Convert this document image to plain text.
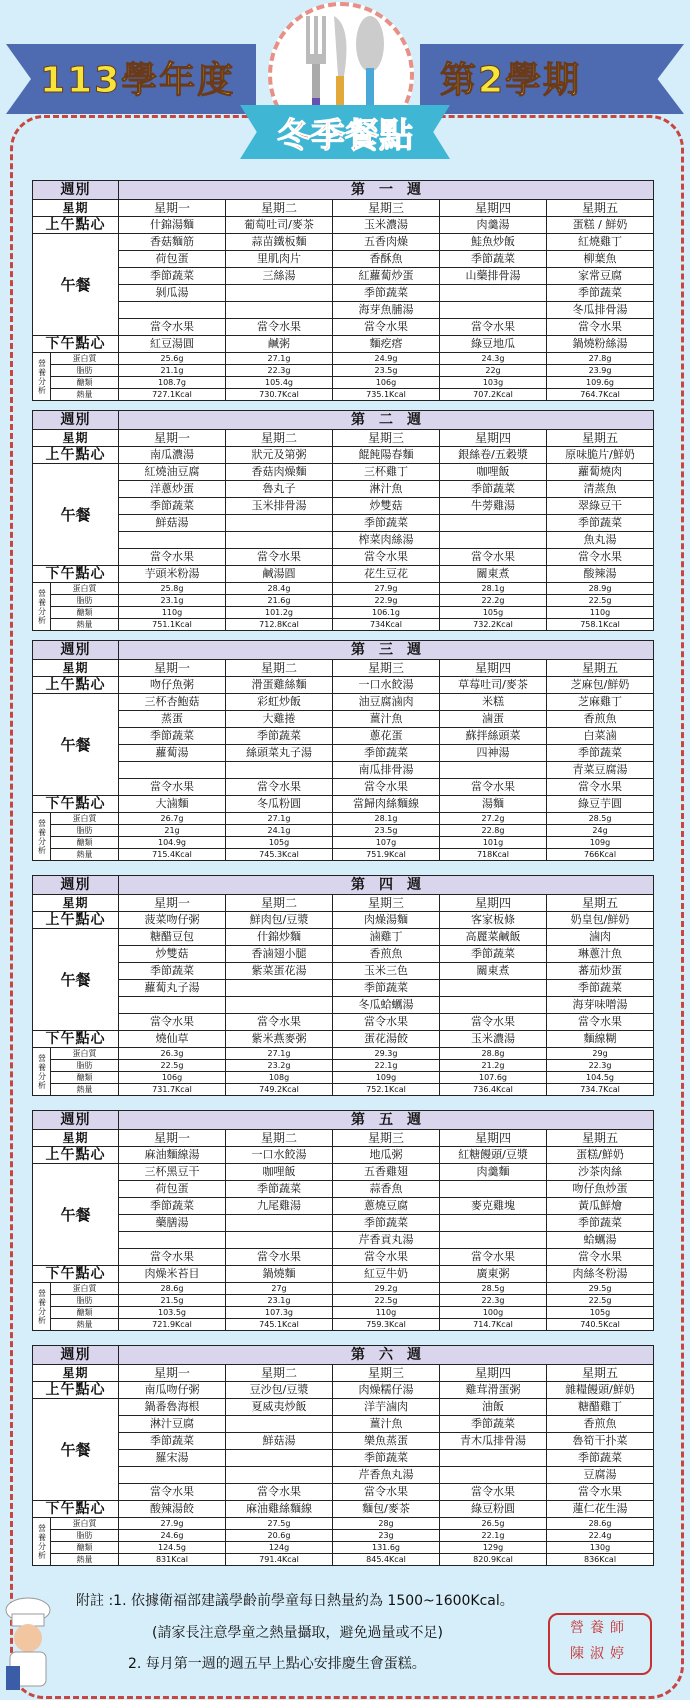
113學年度	第2學期
冬季餐點
週別		第　一　週				
星期		星期一	星期二	星期三	星期四	星期五
上午點心		什錦湯麵	葡萄吐司/麥茶	玉米濃湯	肉羹湯	蛋糕 / 鮮奶
午餐		香菇麵筋	蒜苗鐵板麵	五香肉燥	鮭魚炒飯	紅燒雞丁
		荷包蛋	里肌肉片	香酥魚	季節蔬菜	柳葉魚
		季節蔬菜	三絲湯	紅蘿蔔炒蛋	山藥排骨湯	家常豆腐
		剝瓜湯		季節蔬菜		季節蔬菜
				海芽魚脯湯		冬瓜排骨湯
		當令水果	當令水果	當令水果	當令水果	當令水果
下午點心		紅豆湯圓	鹹粥	麵疙瘩	綠豆地瓜	鍋燒粉絲湯
營養分析	蛋白質	25.6g	27.1g	24.9g	24.3g	27.8g
	脂肪	21.1g	22.3g	23.5g	22g	23.9g
	醣類	108.7g	105.4g	106g	103g	109.6g
	熱量	727.1Kcal	730.7Kcal	735.1Kcal	707.2Kcal	764.7Kcal
週別		第　二　週				
星期		星期一	星期二	星期三	星期四	星期五
上午點心		南瓜濃湯	狀元及第粥	餛飩陽春麵	銀絲卷/五穀漿	原味脆片/鮮奶
午餐		紅燒油豆腐	香菇肉燥麵	三杯雞丁	咖哩飯	蘿蔔燒肉
		洋蔥炒蛋	魯丸子	淋汁魚	季節蔬菜	清蒸魚
		季節蔬菜	玉米排骨湯	炒雙菇	牛蒡雞湯	翠綠豆干
		鮮菇湯		季節蔬菜		季節蔬菜
				榨菜肉絲湯		魚丸湯
		當令水果	當令水果	當令水果	當令水果	當令水果
下午點心		芋頭米粉湯	鹹湯圓	花生豆花	關東煮	酸辣湯
營養分析	蛋白質	25.8g	28.4g	27.9g	28.1g	28.9g
	脂肪	23.1g	21.6g	22.9g	22.2g	22.5g
	醣類	110g	101.2g	106.1g	105g	110g
	熱量	751.1Kcal	712.8Kcal	734Kcal	732.2Kcal	758.1Kcal
週別		第　三　週				
星期		星期一	星期二	星期三	星期四	星期五
上午點心		吻仔魚粥	滑蛋雞絲麵	一口水餃湯	草莓吐司/麥茶	芝麻包/鮮奶
午餐		三杯杏鮑菇	彩虹炒飯	油豆腐滷肉	米糕	芝麻雞丁
		蒸蛋	大雞捲	薑汁魚	滷蛋	香煎魚
		季節蔬菜	季節蔬菜	蔥花蛋	蘇拌絲頭菜	白菜滷
		蘿蔔湯	絲頭菜丸子湯	季節蔬菜	四神湯	季節蔬菜
				南瓜排骨湯		青菜豆腐湯
		當令水果	當令水果	當令水果	當令水果	當令水果
下午點心		大滷麵	冬瓜粉圓	當歸肉絲麵線	湯麵	綠豆芋圓
營養分析	蛋白質	26.7g	27.1g	28.1g	27.2g	28.5g
	脂肪	21g	24.1g	23.5g	22.8g	24g
	醣類	104.9g	105g	107g	101g	109g
	熱量	715.4Kcal	745.3Kcal	751.9Kcal	718Kcal	766Kcal
週別		第　四　週				
星期		星期一	星期二	星期三	星期四	星期五
上午點心		菠菜吻仔粥	鮮肉包/豆漿	肉燥湯麵	客家板條	奶皇包/鮮奶
午餐		糖醋豆包	什錦炒麵	滷雞丁	高麗菜鹹飯	滷肉
		炒雙菇	香滷翅小腿	香煎魚	季節蔬菜	琳蔥汁魚
		季節蔬菜	紫菜蛋花湯	玉米三色	關東煮	蕃茄炒蛋
		蘿蔔丸子湯		季節蔬菜		季節蔬菜
				冬瓜蛤蠣湯		海芽味噌湯
		當令水果	當令水果	當令水果	當令水果	當令水果
下午點心		燒仙草	紫米燕麥粥	蛋花湯餃	玉米濃湯	麵線糊
營養分析	蛋白質	26.3g	27.1g	29.3g	28.8g	29g
	脂肪	22.5g	23.2g	22.1g	21.2g	22.3g
	醣類	106g	108g	109g	107.6g	104.5g
	熱量	731.7Kcal	749.2Kcal	752.1Kcal	736.4Kcal	734.7Kcal
週別		第　五　週				
星期		星期一	星期二	星期三	星期四	星期五
上午點心		麻油麵線湯	一口水餃湯	地瓜粥	紅糖饅頭/豆漿	蛋糕/鮮奶
午餐		三杯黑豆干	咖哩飯	五香雞翅	肉羹麵	沙茶肉絲
		荷包蛋	季節蔬菜	蒜香魚		吻仔魚炒蛋
		季節蔬菜	九尾雞湯	蔥燒豆腐	麥克雞塊	黃瓜鮮燴
		藥膳湯		季節蔬菜		季節蔬菜
				芹香貢丸湯		蛤蠣湯
		當令水果	當令水果	當令水果	當令水果	當令水果
下午點心		肉燥米苔目	鍋燒麵	紅豆牛奶	廣東粥	肉絲冬粉湯
營養分析	蛋白質	28.6g	27g	29.2g	28.5g	29.5g
	脂肪	21.5g	23.1g	22.5g	22.3g	22.5g
	醣類	103.5g	107.3g	110g	100g	105g
	熱量	721.9Kcal	745.1Kcal	759.3Kcal	714.7Kcal	740.5Kcal
週別		第　六　週				
星期		星期一	星期二	星期三	星期四	星期五
上午點心		南瓜吻仔粥	豆沙包/豆漿	肉燥糯仔湯	雞茸滑蛋粥	雜糧饅頭/鮮奶
午餐		鍋番魯海根	夏威夷炒飯	洋芋滷肉	油飯	糖醋雞丁
		淋汁豆腐		薑汁魚	季節蔬菜	香煎魚
		季節蔬菜	鮮菇湯	樂魚蒸蛋	青木瓜排骨湯	魯筍干扑菜
		羅宋湯		季節蔬菜		季節蔬菜
				芹香魚丸湯		豆腐湯
		當令水果	當令水果	當令水果	當令水果	當令水果
下午點心		酸辣湯餃	麻油雞絲麵線	麵包/麥茶	綠豆粉圓	蓮仁花生湯
營養分析	蛋白質	27.9g	27.5g	28g	26.5g	28.6g
	脂肪	24.6g	20.6g	23g	22.1g	22.4g
	醣類	124.5g	124g	131.6g	129g	130g
	熱量	831Kcal	791.4Kcal	845.4Kcal	820.9Kcal	836Kcal
附註 :1. 依據衛福部建議學齡前學童每日熱量約為 1500~1600Kcal。
(請家長注意學童之熱量攝取，避免過量或不足)
2. 每月第一週的週五早上點心安排慶生會蛋糕。
營養師
陳淑婷
